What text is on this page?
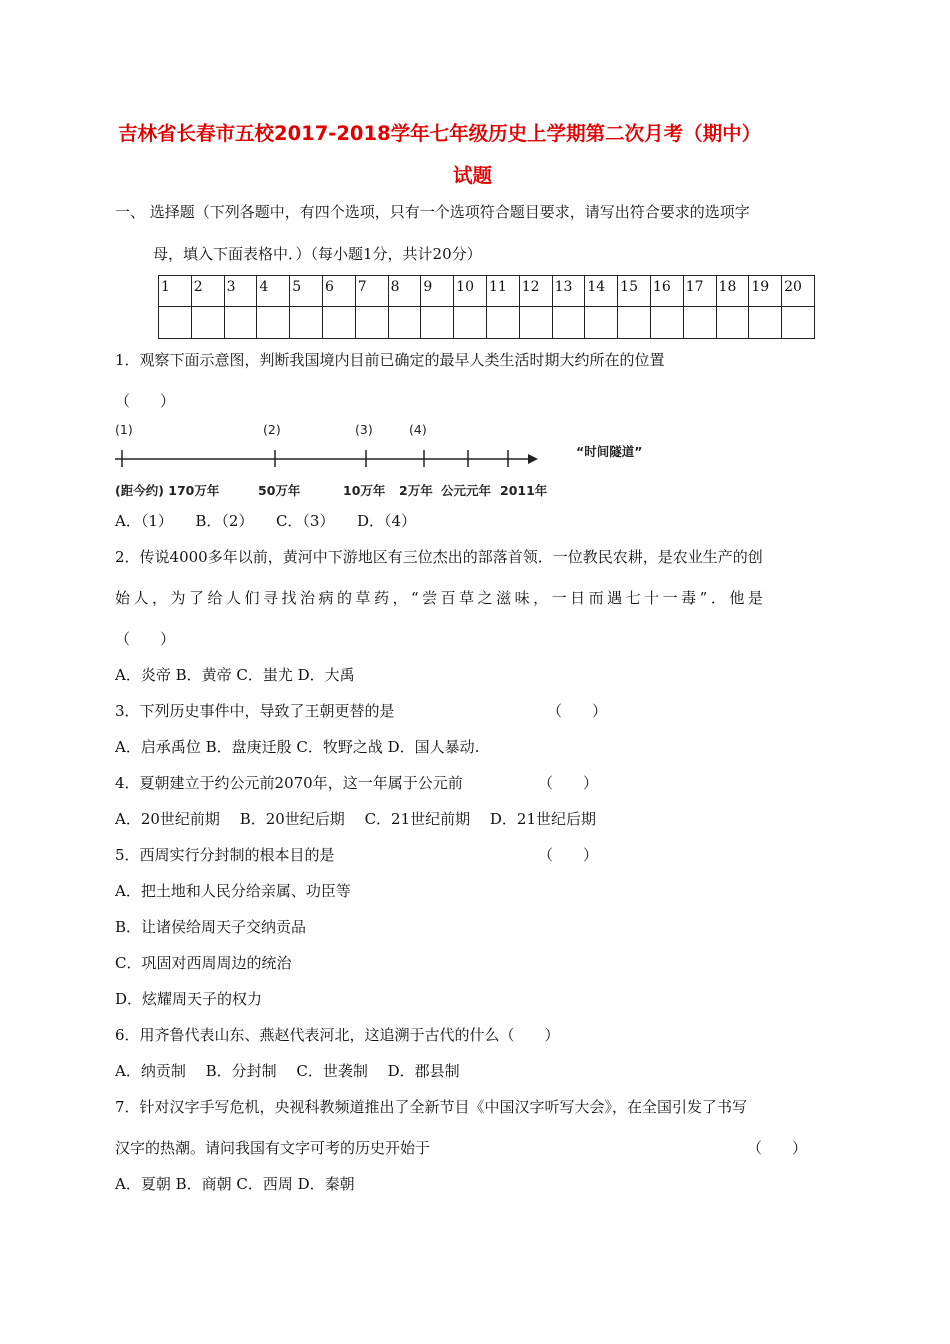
吉林省长春市五校2017-2018学年七年级历史上学期第二次月考（期中）
试题
一、 选择题（下列各题中，有四个选项，只有一个选项符合题目要求，请写出符合要求的选项字
母，填入下面表格中．）（每小题1分，共计20分）
1	2	3	4	5	6	7	8	9	10	11	12	13	14	15	16	17	18	19	20

1．观察下面示意图，判断我国境内目前已确定的最早人类生活时期大约所在的位置
（　　）
(1)	(2)	(3)	(4)
“时间隧道”
(距今约) 170万年	50万年	10万年 2万年 公元元年 2011年
A．（1）　　B．（2）　　C．（3）　　D．（4）
2．传说4000多年以前，黄河中下游地区有三位杰出的部落首领．一位教民农耕，是农业生产的创
始人，为了给人们寻找治病的草药，“尝百草之滋味，一日而遇七十一毒”．他是
（　　）
A．炎帝 B．黄帝 C．蚩尤 D．大禹
3．下列历史事件中，导致了王朝更替的是	（　　）
A．启承禹位 B．盘庚迁殷 C．牧野之战 D．国人暴动.
4．夏朝建立于约公元前2070年，这一年属于公元前	（　　）
A．20世纪前期　 B．20世纪后期　 C．21世纪前期　 D．21世纪后期
5．西周实行分封制的根本目的是	（　　）
A．把土地和人民分给亲属、功臣等
B．让诸侯给周天子交纳贡品
C．巩固对西周周边的统治
D．炫耀周天子的权力
6．用齐鲁代表山东、燕赵代表河北，这追溯于古代的什么（　　）
A．纳贡制　 B．分封制　 C．世袭制　 D．郡县制
7．针对汉字手写危机，央视科教频道推出了全新节目《中国汉字听写大会》，在全国引发了书写
汉字的热潮。请问我国有文字可考的历史开始于	（　　）
A．夏朝 B．商朝 C．西周 D．秦朝
